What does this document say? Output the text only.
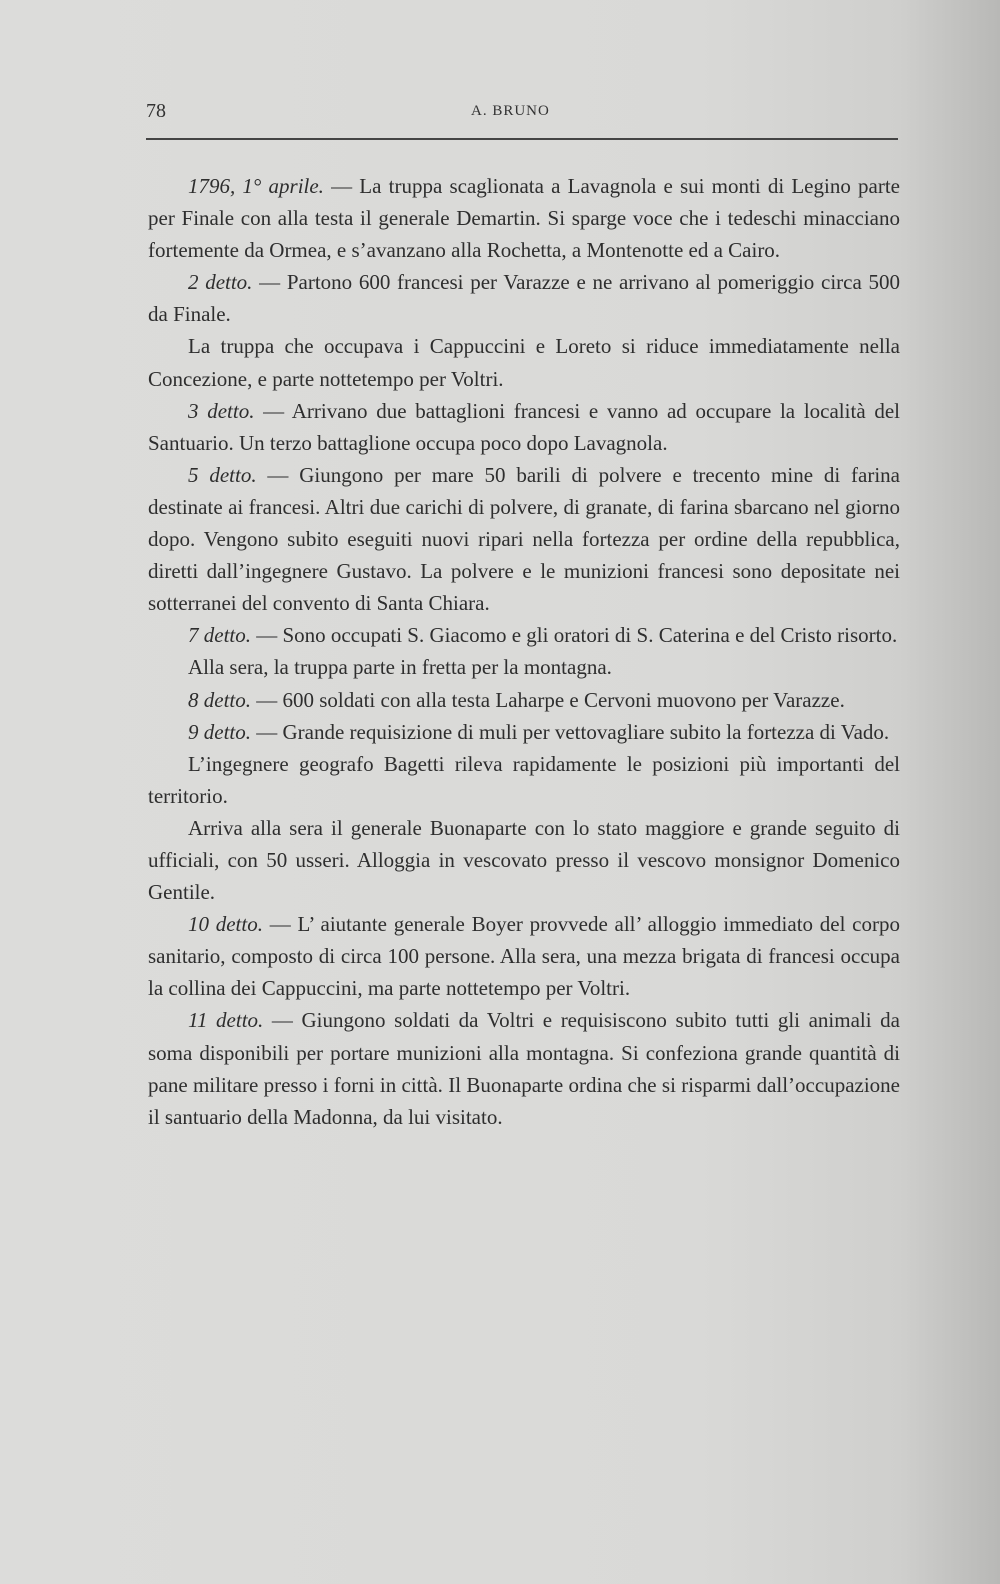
78	A. BRUNO

1796, 1° aprile. — La truppa scaglionata a Lavagnola e sui monti di Legino parte per Finale con alla testa il generale Demartin. Si sparge voce che i tedeschi minacciano fortemente da Ormea, e s’avanzano alla Rochetta, a Montenotte ed a Cairo.

2 detto. — Partono 600 francesi per Varazze e ne arrivano al pomeriggio circa 500 da Finale.

La truppa che occupava i Cappuccini e Loreto si riduce immediatamente nella Concezione, e parte nottetempo per Voltri.

3 detto. — Arrivano due battaglioni francesi e vanno ad occupare la località del Santuario. Un terzo battaglione occupa poco dopo Lavagnola.

5 detto. — Giungono per mare 50 barili di polvere e trecento mine di farina destinate ai francesi. Altri due carichi di polvere, di granate, di farina sbarcano nel giorno dopo. Vengono subito eseguiti nuovi ripari nella fortezza per ordine della repubblica, diretti dall’ingegnere Gustavo. La polvere e le munizioni francesi sono depositate nei sotterranei del convento di Santa Chiara.

7 detto. — Sono occupati S. Giacomo e gli oratori di S. Caterina e del Cristo risorto.

Alla sera, la truppa parte in fretta per la montagna.

8 detto. — 600 soldati con alla testa Laharpe e Cervoni muovono per Varazze.

9 detto. — Grande requisizione di muli per vettovagliare subito la fortezza di Vado.

L’ingegnere geografo Bagetti rileva rapidamente le posizioni più importanti del territorio.

Arriva alla sera il generale Buonaparte con lo stato maggiore e grande seguito di ufficiali, con 50 usseri. Alloggia in vescovato presso il vescovo monsignor Domenico Gentile.

10 detto. — L’ aiutante generale Boyer provvede all’ alloggio immediato del corpo sanitario, composto di circa 100 persone. Alla sera, una mezza brigata di francesi occupa la collina dei Cappuccini, ma parte nottetempo per Voltri.

11 detto. — Giungono soldati da Voltri e requisiscono subito tutti gli animali da soma disponibili per portare munizioni alla montagna. Si confeziona grande quantità di pane militare presso i forni in città. Il Buonaparte ordina che si risparmi dall’occupazione il santuario della Madonna, da lui visitato.
